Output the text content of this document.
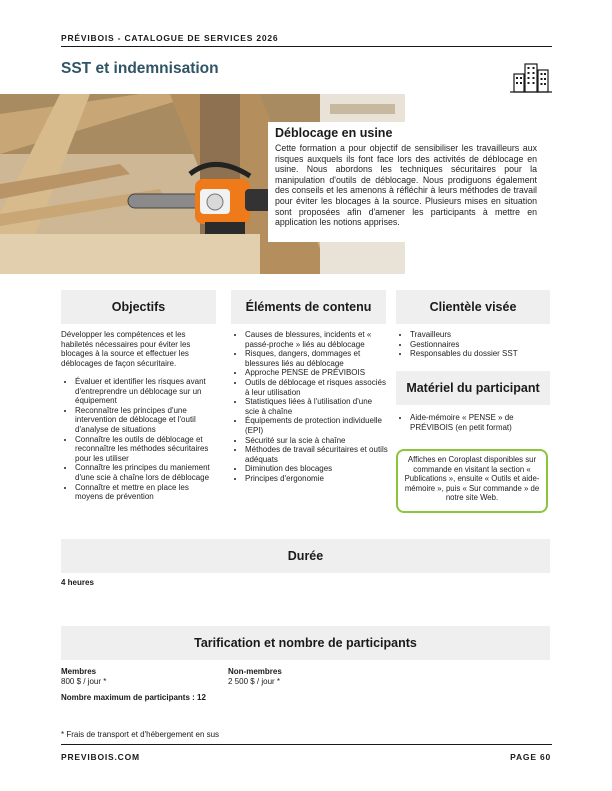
PRÉVIBOIS - CATALOGUE DE SERVICES 2026
SST et indemnisation
Déblocage en usine
Cette formation a pour objectif de sensibiliser les travailleurs aux risques auxquels ils font face lors des activités de déblocage en usine. Nous abordons les techniques sécuritaires pour la manipulation d'outils de déblocage. Nous prodiguons également des conseils et les amenons à réfléchir à leurs méthodes de travail pour éviter les blocages à la source. Plusieurs mises en situation sont proposées afin d'amener les participants à mettre en application les notions apprises.
Objectifs
Développer les compétences et les habiletés nécessaires pour éviter les blocages à la source et effectuer les déblocages de façon sécuritaire.
• Évaluer et identifier les risques avant d'entreprendre un déblocage sur un équipement
• Reconnaître les principes d'une intervention de déblocage et l'outil d'analyse de situations
• Connaître les outils de déblocage et reconnaître les méthodes sécuritaires pour les utiliser
• Connaître les principes du maniement d'une scie à chaîne lors de déblocage
• Connaître et mettre en place les moyens de prévention
Éléments de contenu
• Causes de blessures, incidents et « passé-proche » liés au déblocage
• Risques, dangers, dommages et blessures liés au déblocage
• Approche PENSE de PRÉVIBOIS
• Outils de déblocage et risques associés à leur utilisation
• Statistiques liées à l'utilisation d'une scie à chaîne
• Équipements de protection individuelle (EPI)
• Sécurité sur la scie à chaîne
• Méthodes de travail sécuritaires et outils adéquats
• Diminution des blocages
• Principes d'ergonomie
Clientèle visée
• Travailleurs
• Gestionnaires
• Responsables du dossier SST
Matériel du participant
• Aide-mémoire « PENSE » de PRÉVIBOIS (en petit format)
Affiches en Coroplast disponibles sur commande en visitant la section « Publications », ensuite « Outils et aide-mémoire », puis « Sur commande » de notre site Web.
Durée
4 heures
Tarification et nombre de participants
Membres
800 $ / jour *
Non-membres
2 500 $ / jour *
Nombre maximum de participants : 12
* Frais de transport et d'hébergement en sus
PREVIBOIS.COM	PAGE 60
